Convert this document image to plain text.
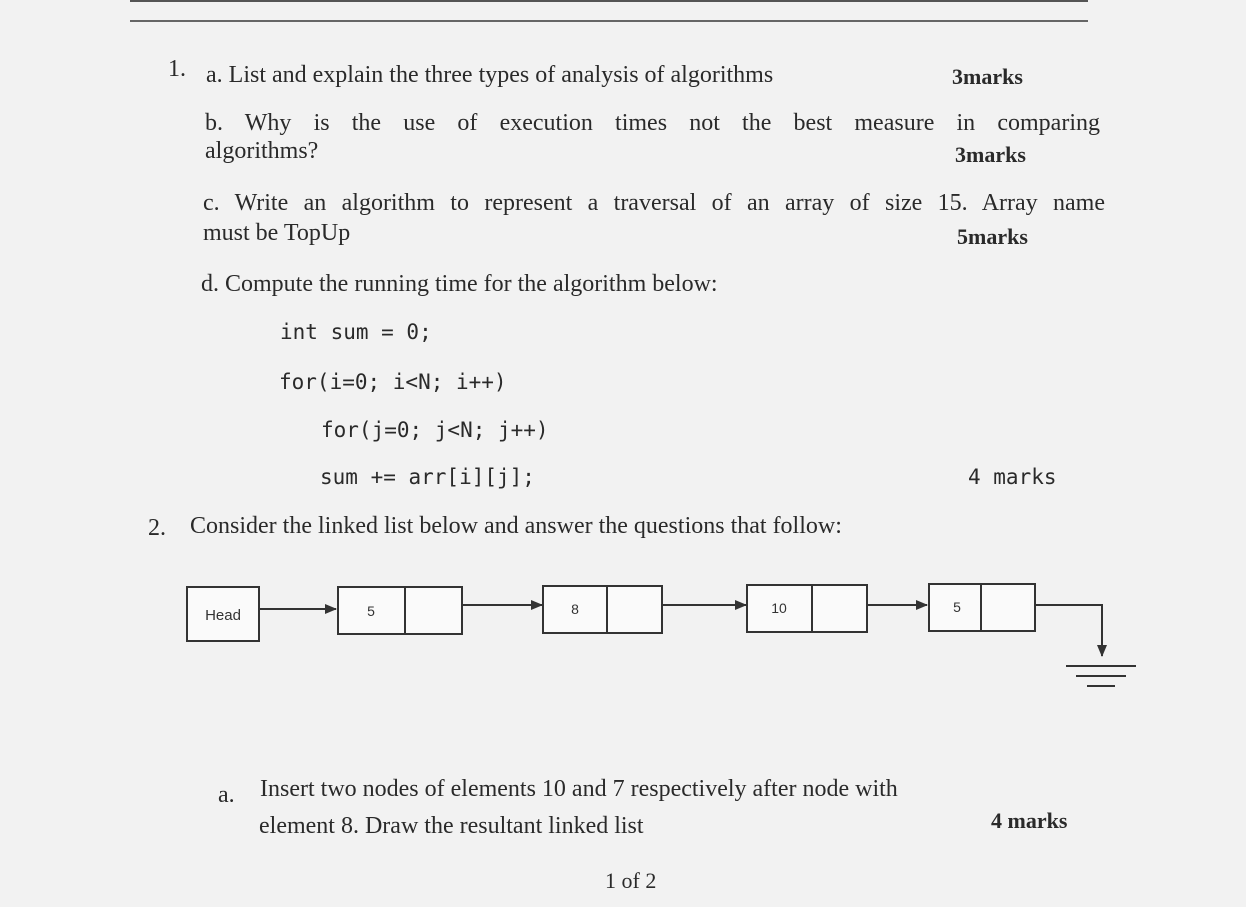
1. a. List and explain the three types of analysis of algorithms	3marks
b. Why is the use of execution times not the best measure in comparing
algorithms?	3marks
c. Write an algorithm to represent a traversal of an array of size 15. Array name
must be TopUp	5marks
d. Compute the running time for the algorithm below:
int sum = 0;
for(i=0; i<N; i++)
for(j=0; j<N; j++)
sum += arr[i][j];	4 marks
2. Consider the linked list below and answer the questions that follow:
Head	5	8	10	5
a. Insert two nodes of elements 10 and 7 respectively after node with
element 8. Draw the resultant linked list	4 marks
1 of 2
